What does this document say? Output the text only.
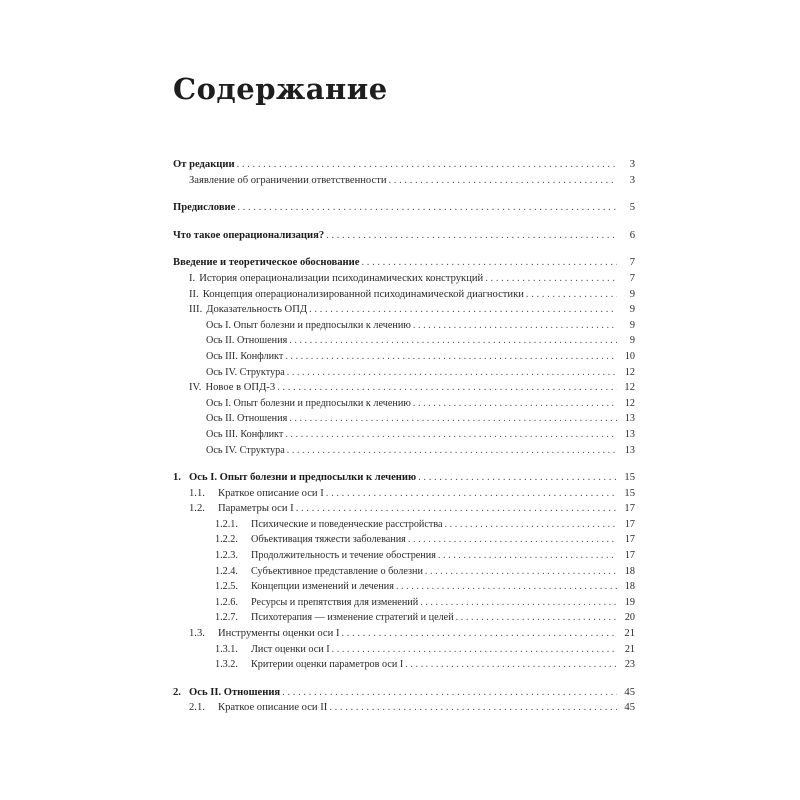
Содержание
От редакции . . .	3
Заявление об ограничении ответственности . . .	3
Предисловие . . .	5
Что такое операционализация? . . .	6
Введение и теоретическое обоснование . . .	7
I. История операционализации психодинамических конструкций . . .	7
II. Концепция операционализированной психодинамической диагностики . . .	9
III. Доказательность ОПД . . .	9
Ось I. Опыт болезни и предпосылки к лечению . . .	9
Ось II. Отношения . . .	9
Ось III. Конфликт . . .	10
Ось IV. Структура . . .	12
IV. Новое в ОПД-3 . . .	12
Ось I. Опыт болезни и предпосылки к лечению . . .	12
Ось II. Отношения . . .	13
Ось III. Конфликт . . .	13
Ось IV. Структура . . .	13
1. Ось I. Опыт болезни и предпосылки к лечению . . .	15
1.1. Краткое описание оси I . . .	15
1.2. Параметры оси I . . .	17
1.2.1. Психические и поведенческие расстройства . . .	17
1.2.2. Объективация тяжести заболевания . . .	17
1.2.3. Продолжительность и течение обострения . . .	17
1.2.4. Субъективное представление о болезни . . .	18
1.2.5. Концепции изменений и лечения . . .	18
1.2.6. Ресурсы и препятствия для изменений . . .	19
1.2.7. Психотерапия — изменение стратегий и целей . . .	20
1.3. Инструменты оценки оси I . . .	21
1.3.1. Лист оценки оси I . . .	21
1.3.2. Критерии оценки параметров оси I . . .	23
2. Ось II. Отношения . . .	45
2.1. Краткое описание оси II . . .	45
